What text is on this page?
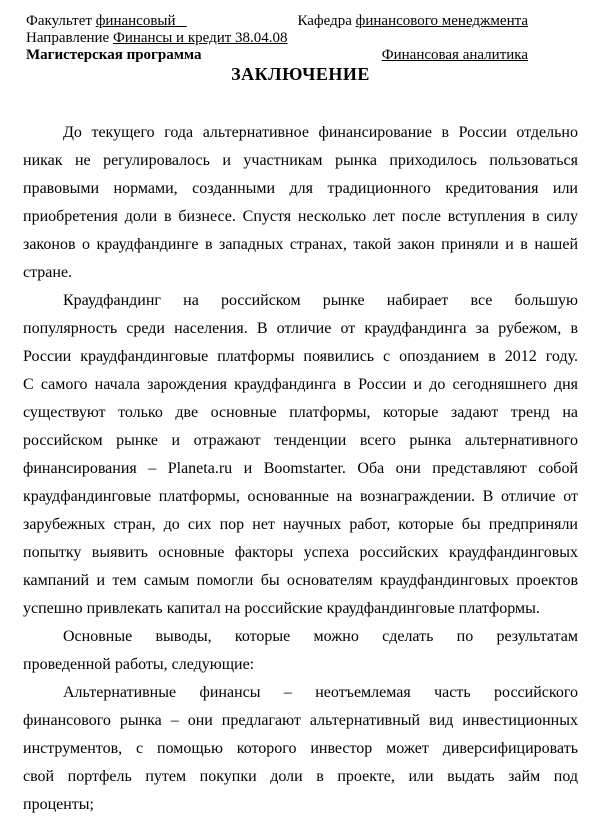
Факультет финансовый	Кафедра финансового менеджмента
Направление Финансы и кредит 38.04.08
Магистерская программа	Финансовая аналитика
ЗАКЛЮЧЕНИЕ
До текущего года альтернативное финансирование в России отдельно
никак не регулировалось и участникам рынка приходилось пользоваться
правовыми нормами, созданными для традиционного кредитования или
приобретения доли в бизнесе. Спустя несколько лет после вступления в силу
законов о краудфандинге в западных странах, такой закон приняли и в нашей
стране.
Краудфандинг на российском рынке набирает все большую
популярность среди населения. В отличие от краудфандинга за рубежом, в
России краудфандинговые платформы появились с опозданием в 2012 году.
С самого начала зарождения краудфандинга в России и до сегодняшнего дня
существуют только две основные платформы, которые задают тренд на
российском рынке и отражают тенденции всего рынка альтернативного
финансирования – Planeta.ru и Boomstarter. Оба они представляют собой
краудфандинговые платформы, основанные на вознаграждении. В отличие от
зарубежных стран, до сих пор нет научных работ, которые бы предприняли
попытку выявить основные факторы успеха российских краудфандинговых
кампаний и тем самым помогли бы основателям краудфандинговых проектов
успешно привлекать капитал на российские краудфандинговые платформы.
Основные выводы, которые можно сделать по результатам
проведенной работы, следующие:
Альтернативные финансы – неотъемлемая часть российского
финансового рынка – они предлагают альтернативный вид инвестиционных
инструментов, с помощью которого инвестор может диверсифицировать
свой портфель путем покупки доли в проекте, или выдать займ под
проценты;
